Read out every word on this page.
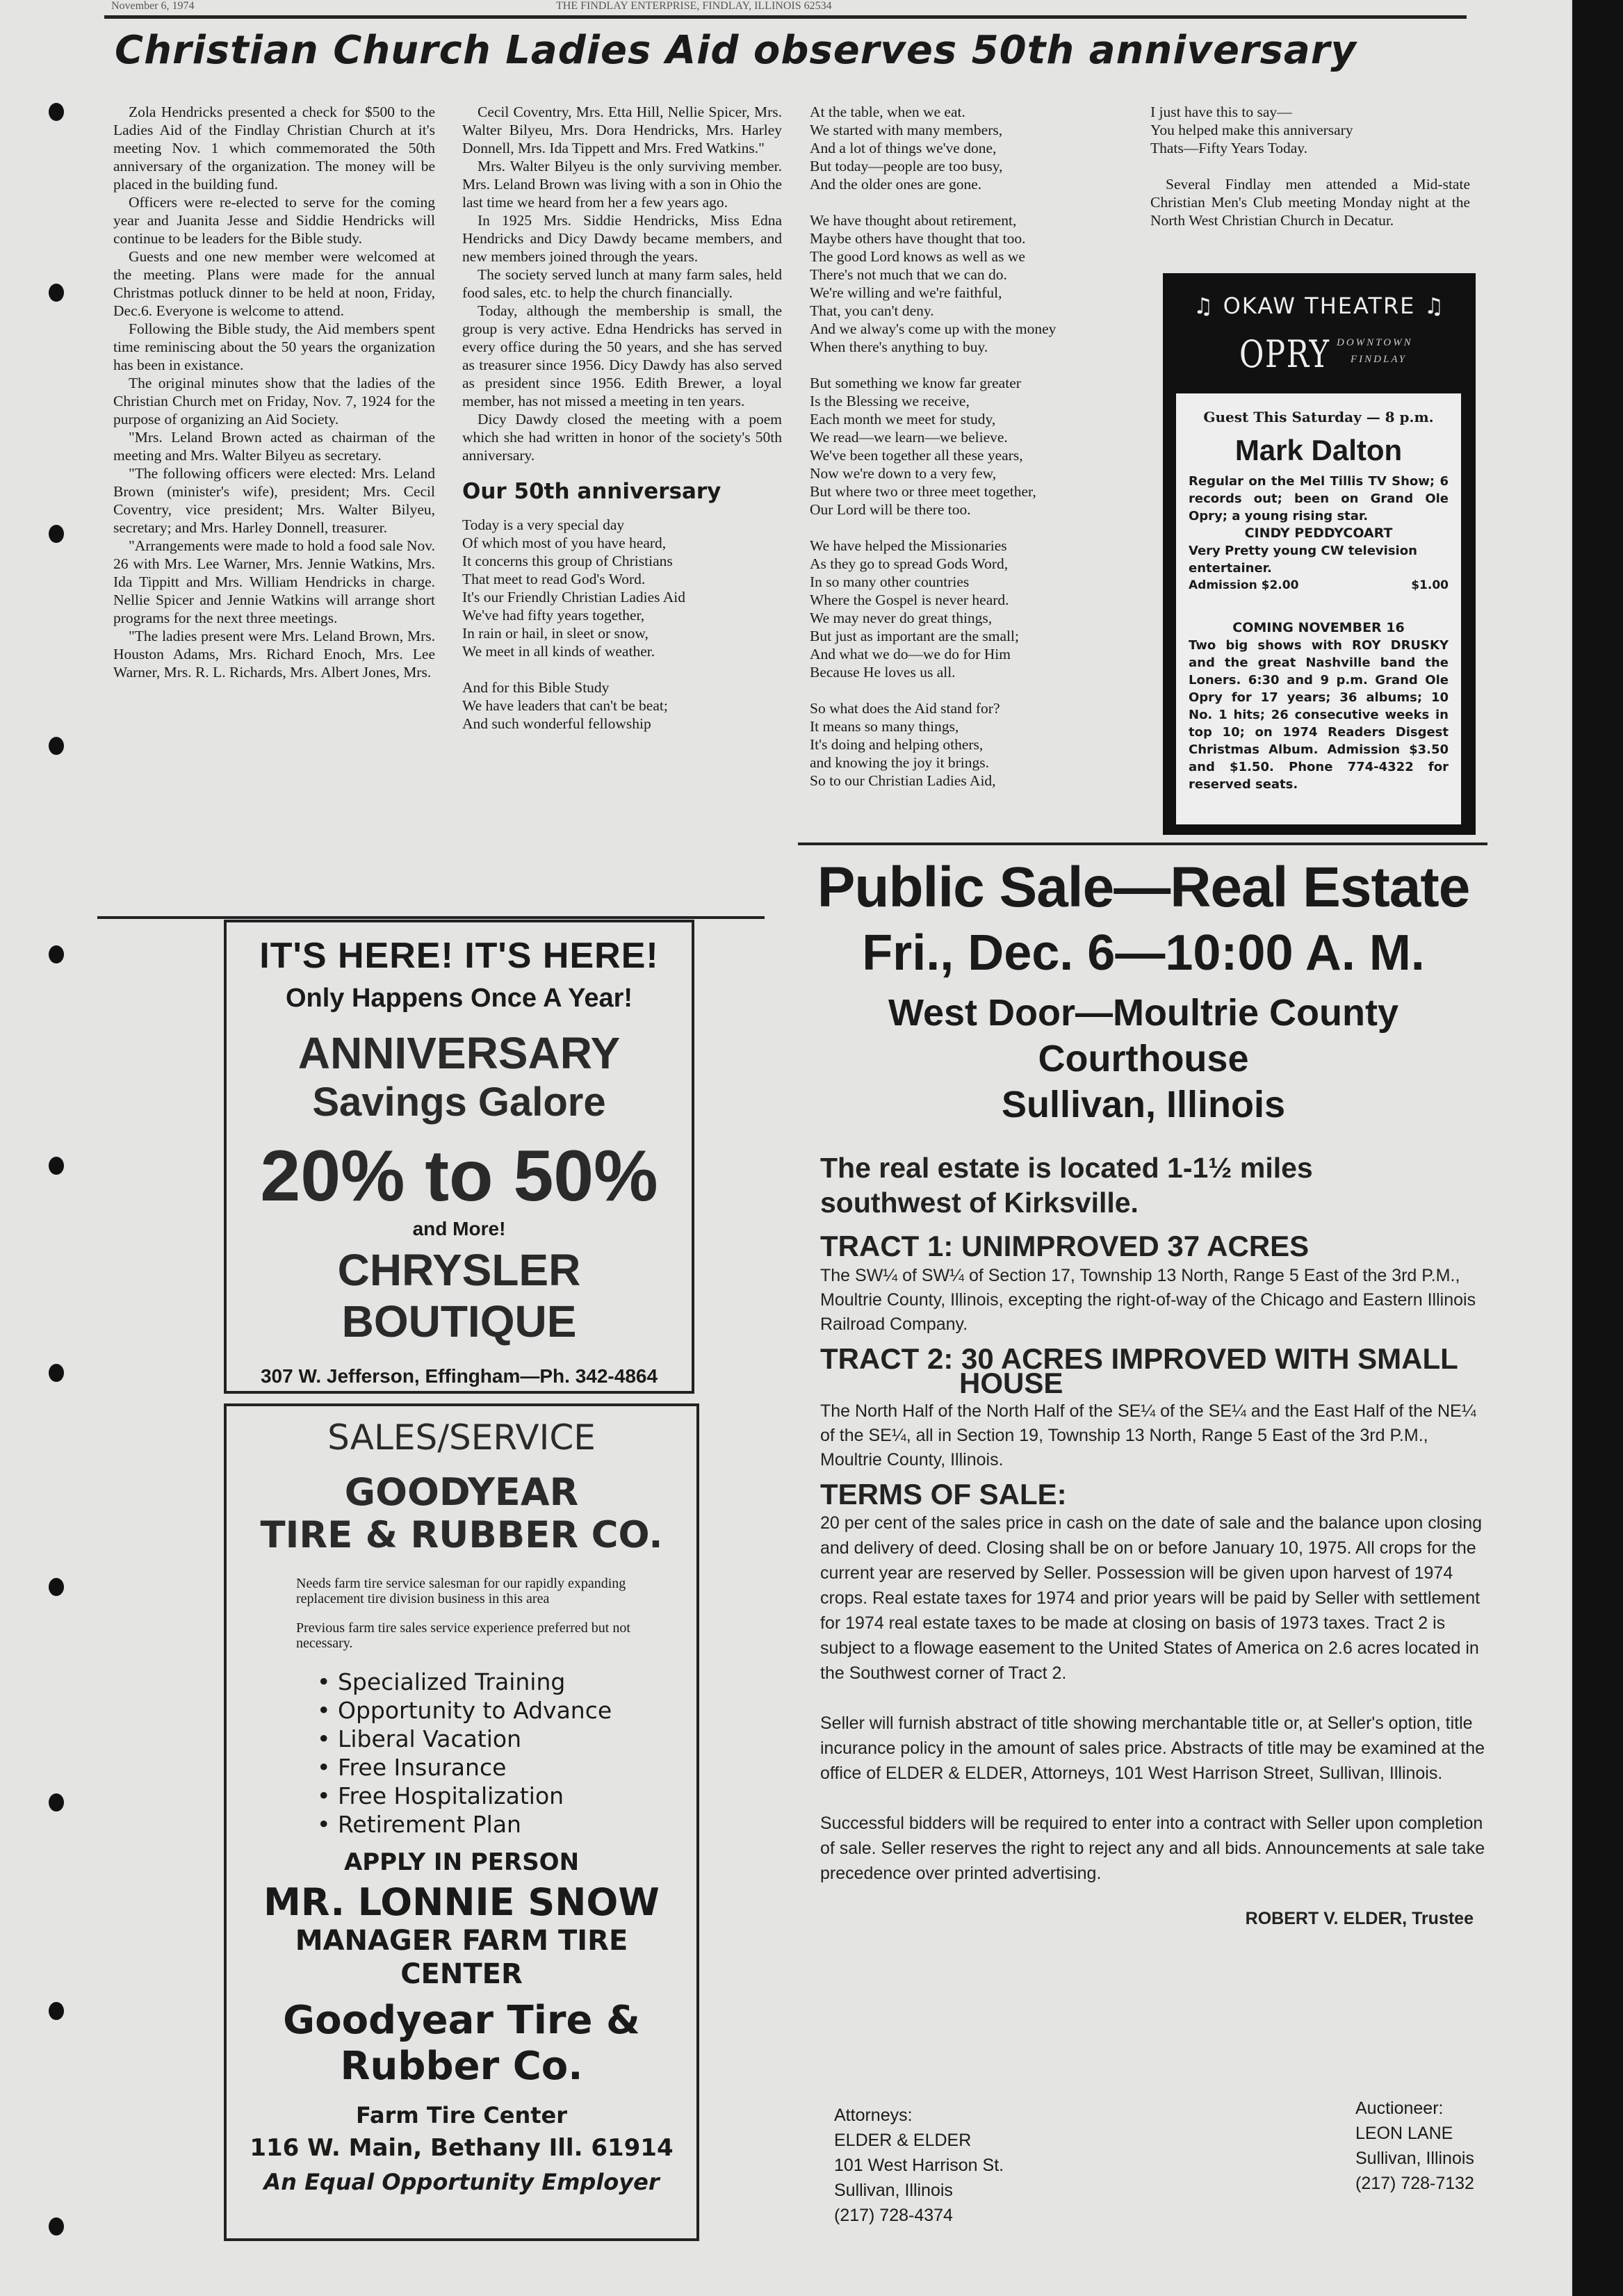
November 6, 1974	THE FINDLAY ENTERPRISE, FINDLAY, ILLINOIS 62534
Christian Church Ladies Aid observes 50th anniversary

Zola Hendricks presented a check for $500 to the Ladies Aid of the Findlay Christian Church at it's meeting Nov. 1 which commemorated the 50th anniversary of the organization. The money will be placed in the building fund.

Officers were re-elected to serve for the coming year and Juanita Jesse and Siddie Hendricks will continue to be leaders for the Bible study.

Guests and one new member were welcomed at the meeting. Plans were made for the annual Christmas potluck dinner to be held at noon, Friday, Dec.6. Everyone is welcome to attend.

Following the Bible study, the Aid members spent time reminiscing about the 50 years the organization has been in existance.

The original minutes show that the ladies of the Christian Church met on Friday, Nov. 7, 1924 for the purpose of organizing an Aid Society.

"Mrs. Leland Brown acted as chairman of the meeting and Mrs. Walter Bilyeu as secretary.

"The following officers were elected: Mrs. Leland Brown (minister's wife), president; Mrs. Cecil Coventry, vice president; Mrs. Walter Bilyeu, secretary; and Mrs. Harley Donnell, treasurer.

"Arrangements were made to hold a food sale Nov. 26 with Mrs. Lee Warner, Mrs. Jennie Watkins, Mrs. Ida Tippitt and Mrs. William Hendricks in charge. Nellie Spicer and Jennie Watkins will arrange short programs for the next three meetings.

"The ladies present were Mrs. Leland Brown, Mrs. Houston Adams, Mrs. Richard Enoch, Mrs. Lee Warner, Mrs. R. L. Richards, Mrs. Albert Jones, Mrs.

Cecil Coventry, Mrs. Etta Hill, Nellie Spicer, Mrs. Walter Bilyeu, Mrs. Dora Hendricks, Mrs. Harley Donnell, Mrs. Ida Tippett and Mrs. Fred Watkins."

Mrs. Walter Bilyeu is the only surviving member. Mrs. Leland Brown was living with a son in Ohio the last time we heard from her a few years ago.

In 1925 Mrs. Siddie Hendricks, Miss Edna Hendricks and Dicy Dawdy became members, and new members joined through the years.

The society served lunch at many farm sales, held food sales, etc. to help the church financially.

Today, although the membership is small, the group is very active. Edna Hendricks has served in every office during the 50 years, and she has served as treasurer since 1956. Dicy Dawdy has also served as president since 1956. Edith Brewer, a loyal member, has not missed a meeting in ten years.

Dicy Dawdy closed the meeting with a poem which she had written in honor of the society's 50th anniversary.

Our 50th anniversary

Today is a very special day
Of which most of you have heard,
It concerns this group of Christians
That meet to read God's Word.
It's our Friendly Christian Ladies Aid
We've had fifty years together,
In rain or hail, in sleet or snow,
We meet in all kinds of weather.

And for this Bible Study
We have leaders that can't be beat;
And such wonderful fellowship

At the table, when we eat.
We started with many members,
And a lot of things we've done,
But today—people are too busy,
And the older ones are gone.

We have thought about retirement,
Maybe others have thought that too.
The good Lord knows as well as we
There's not much that we can do.
We're willing and we're faithful,
That, you can't deny.
And we alway's come up with the money
When there's anything to buy.

But something we know far greater
Is the Blessing we receive,
Each month we meet for study,
We read—we learn—we believe.
We've been together all these years,
Now we're down to a very few,
But where two or three meet together,
Our Lord will be there too.

We have helped the Missionaries
As they go to spread Gods Word,
In so many other countries
Where the Gospel is never heard.
We may never do great things,
But just as important are the small;
And what we do—we do for Him
Because He loves us all.

So what does the Aid stand for?
It means so many things,
It's doing and helping others,
and knowing the joy it brings.
So to our Christian Ladies Aid,

I just have this to say—
You helped make this anniversary
Thats—Fifty Years Today.

Several Findlay men attended a Mid-state Christian Men's Club meeting Monday night at the North West Christian Church in Decatur.

♫ OKAW THEATRE ♫
OPRY DOWNTOWN
FINDLAY
Guest This Saturday — 8 p.m.
Mark Dalton
Regular on the Mel Tillis TV Show; 6 records out; been on Grand Ole Opry; a young rising star.
CINDY PEDDYCOART
Very Pretty young CW television entertainer.
Admission $2.00	$1.00
COMING NOVEMBER 16
Two big shows with ROY DRUSKY and the great Nashville band the Loners. 6:30 and 9 p.m. Grand Ole Opry for 17 years; 36 albums; 10 No. 1 hits; 26 consecutive weeks in top 10; on 1974 Readers Disgest Christmas Album. Admission $3.50 and $1.50. Phone 774-4322 for reserved seats.
IT'S HERE! IT'S HERE!
Only Happens Once A Year!
ANNIVERSARY
Savings Galore
20% to 50%
and More!
CHRYSLER BOUTIQUE
307 W. Jefferson, Effingham—Ph. 342-4864
SALES/SERVICE
GOODYEAR
TIRE & RUBBER CO.
Needs farm tire service salesman for our rapidly expanding replacement tire division business in this area
Previous farm tire sales service experience preferred but not necessary.
• Specialized Training
• Opportunity to Advance
• Liberal Vacation
• Free Insurance
• Free Hospitalization
• Retirement Plan
APPLY IN PERSON
MR. LONNIE SNOW
MANAGER FARM TIRE
CENTER
Goodyear Tire &
Rubber Co.
Farm Tire Center
116 W. Main, Bethany Ill. 61914
An Equal Opportunity Employer
Public Sale—Real Estate
Fri., Dec. 6—10:00 A. M.
West Door—Moultrie County
Courthouse
Sullivan, Illinois
The real estate is located 1-1½ miles southwest of Kirksville.
TRACT 1: UNIMPROVED 37 ACRES
The SW¼ of SW¼ of Section 17, Township 13 North, Range 5 East of the 3rd P.M., Moultrie County, Illinois, excepting the right-of-way of the Chicago and Eastern Illinois Railroad Company.
TRACT 2: 30 ACRES IMPROVED WITH SMALL
HOUSE
The North Half of the North Half of the SE¼ of the SE¼ and the East Half of the NE¼ of the SE¼, all in Section 19, Township 13 North, Range 5 East of the 3rd P.M., Moultrie County, Illinois.
TERMS OF SALE:
20 per cent of the sales price in cash on the date of sale and the balance upon closing and delivery of deed. Closing shall be on or before January 10, 1975. All crops for the current year are reserved by Seller. Possession will be given upon harvest of 1974 crops. Real estate taxes for 1974 and prior years will be paid by Seller with settlement for 1974 real estate taxes to be made at closing on basis of 1973 taxes. Tract 2 is subject to a flowage easement to the United States of America on 2.6 acres located in the Southwest corner of Tract 2.
Seller will furnish abstract of title showing merchantable title or, at Seller's option, title incurance policy in the amount of sales price. Abstracts of title may be examined at the office of ELDER & ELDER, Attorneys, 101 West Harrison Street, Sullivan, Illinois.
Successful bidders will be required to enter into a contract with Seller upon completion of sale. Seller reserves the right to reject any and all bids. Announcements at sale take precedence over printed advertising.
ROBERT V. ELDER, Trustee
Attorneys:
ELDER & ELDER
101 West Harrison St.
Sullivan, Illinois
(217) 728-4374
Auctioneer:
LEON LANE
Sullivan, Illinois
(217) 728-7132
